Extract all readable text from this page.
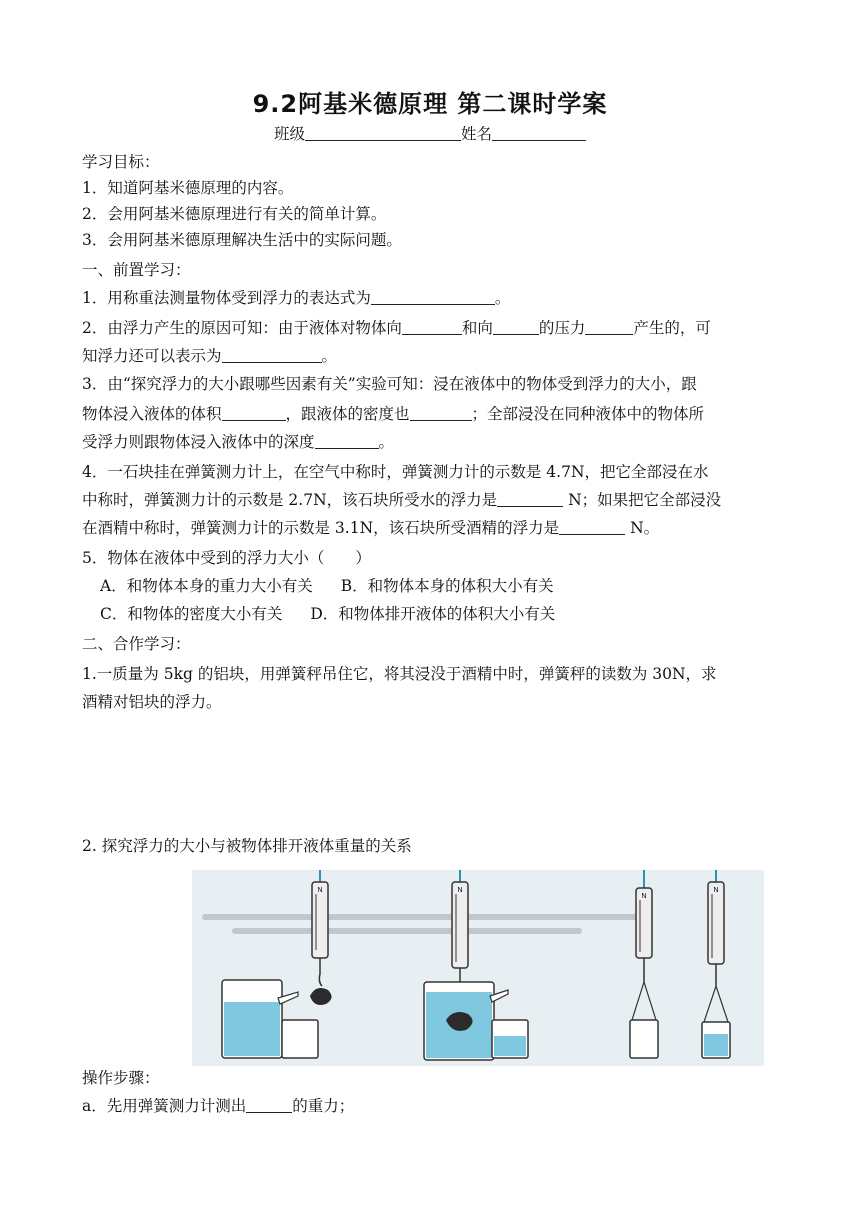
9.2阿基米德原理 第二课时学案
班级	姓名
学习目标：
1．知道阿基米德原理的内容。
2．会用阿基米德原理进行有关的简单计算。
3．会用阿基米德原理解决生活中的实际问题。
一、前置学习：
1．用称重法测量物体受到浮力的表达式为	。
2．由浮力产生的原因可知：由于液体对物体向	和向	的压力	产生的，可
知浮力还可以表示为	。
3．由“探究浮力的大小跟哪些因素有关”实验可知：浸在液体中的物体受到浮力的大小，跟
物体浸入液体的体积	，跟液体的密度也	；全部浸没在同种液体中的物体所
受浮力则跟物体浸入液体中的深度	。
4．一石块挂在弹簧测力计上，在空气中称时，弹簧测力计的示数是 4.7N，把它全部浸在水
中称时，弹簧测力计的示数是 2.7N，该石块所受水的浮力是	N；如果把它全部浸没
在酒精中称时，弹簧测力计的示数是 3.1N，该石块所受酒精的浮力是	N。
5．物体在液体中受到的浮力大小（　　）
A．和物体本身的重力大小有关 B．和物体本身的体积大小有关
C．和物体的密度大小有关 D．和物体排开液体的体积大小有关
二、合作学习：
1.一质量为 5kg 的铝块，用弹簧秤吊住它，将其浸没于酒精中时，弹簧秤的读数为 30N，求
酒精对铝块的浮力。
2. 探究浮力的大小与被物体排开液体重量的关系
N	N
N
N
操作步骤：
a．先用弹簧测力计测出	的重力；
